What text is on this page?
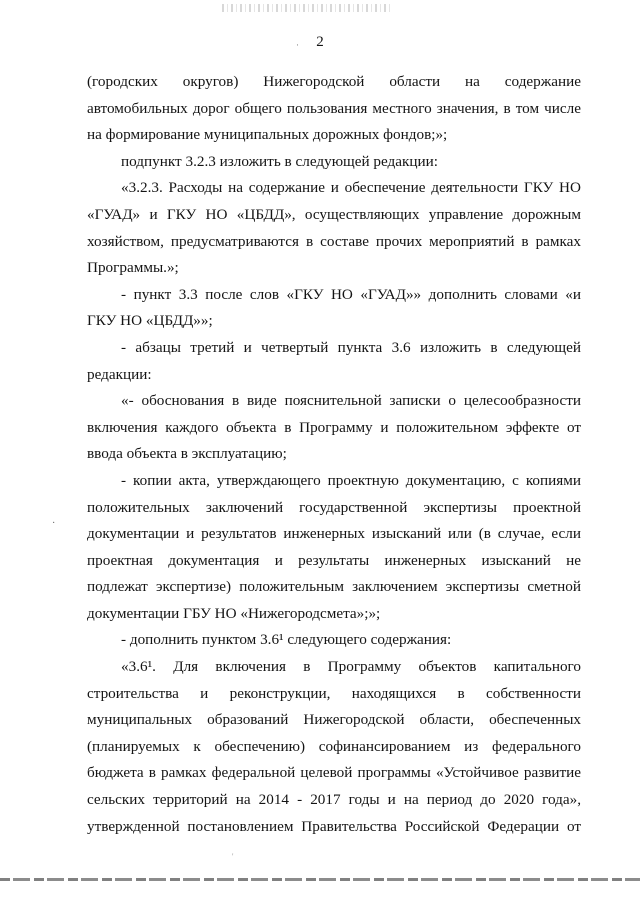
2
·
·
'
(городских округов) Нижегородской области на содержание
автомобильных дорог общего пользования местного значения, в том числе
на формирование муниципальных дорожных фондов;»;
подпункт 3.2.3 изложить в следующей редакции:
«3.2.3. Расходы на содержание и обеспечение деятельности ГКУ НО
«ГУАД» и ГКУ НО «ЦБДД», осуществляющих управление дорожным
хозяйством, предусматриваются в составе прочих мероприятий в рамках
Программы.»;
- пункт 3.3 после слов «ГКУ НО «ГУАД»» дополнить словами «и
ГКУ НО «ЦБДД»»;
- абзацы третий и четвертый пункта 3.6 изложить в следующей
редакции:
«- обоснования в виде пояснительной записки о целесообразности
включения каждого объекта в Программу и положительном эффекте от
ввода объекта в эксплуатацию;
- копии акта, утверждающего проектную документацию, с копиями
положительных заключений государственной экспертизы проектной
документации и результатов инженерных изысканий или (в случае, если
проектная документация и результаты инженерных изысканий не
подлежат экспертизе) положительным заключением экспертизы сметной
документации ГБУ НО «Нижегородсмета»;»;
- дополнить пунктом 3.6¹ следующего содержания:
«3.6¹. Для включения в Программу объектов капитального
строительства и реконструкции, находящихся в собственности
муниципальных образований Нижегородской области, обеспеченных
(планируемых к обеспечению) софинансированием из федерального
бюджета в рамках федеральной целевой программы «Устойчивое развитие
сельских территорий на 2014 - 2017 годы и на период до 2020 года»,
утвержденной постановлением Правительства Российской Федерации от
